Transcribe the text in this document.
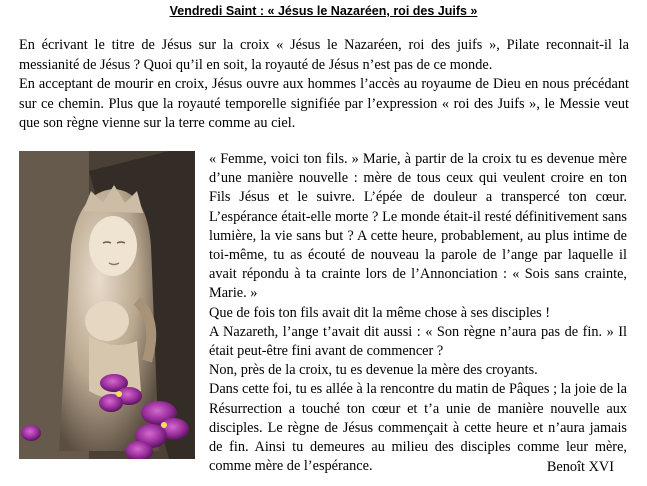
Vendredi Saint : « Jésus le Nazaréen, roi des Juifs »

En écrivant le titre de Jésus sur la croix « Jésus le Nazaréen, roi des juifs », Pilate reconnait-il la messianité de Jésus ? Quoi qu’il en soit, la royauté de Jésus n’est pas de ce monde.

En acceptant de mourir en croix, Jésus ouvre aux hommes l’accès au royaume de Dieu en nous précédant sur ce chemin. Plus que la royauté temporelle signifiée par l’expression « roi des Juifs », le Messie veut que son règne vienne sur la terre comme au ciel.

« Femme, voici ton fils. » Marie, à partir de la croix tu es devenue mère d’une manière nouvelle : mère de tous ceux qui veulent croire en ton Fils Jésus et le suivre. L’épée de douleur a transpercé ton cœur. L’espérance était-elle morte ? Le monde était-il resté définitivement sans lumière, la vie sans but ? A cette heure, probablement, au plus intime de toi-même, tu as écouté de nouveau la parole de l’ange par laquelle il avait répondu à ta crainte lors de l’Annonciation : « Sois sans crainte, Marie. »

Que de fois ton fils avait dit la même chose à ses disciples !

A Nazareth, l’ange t’avait dit aussi : « Son règne n’aura pas de fin. » Il était peut-être fini avant de commencer ?

Non, près de la croix, tu es devenue la mère des croyants.

Dans cette foi, tu es allée à la rencontre du matin de Pâques ; la joie de la Résurrection a touché ton cœur et t’a unie de manière nouvelle aux disciples. Le règne de Jésus commençait à cette heure et n’aura jamais de fin. Ainsi tu demeures au milieu des disciples comme leur mère, comme mère de l’espérance.	Benoît XVI
